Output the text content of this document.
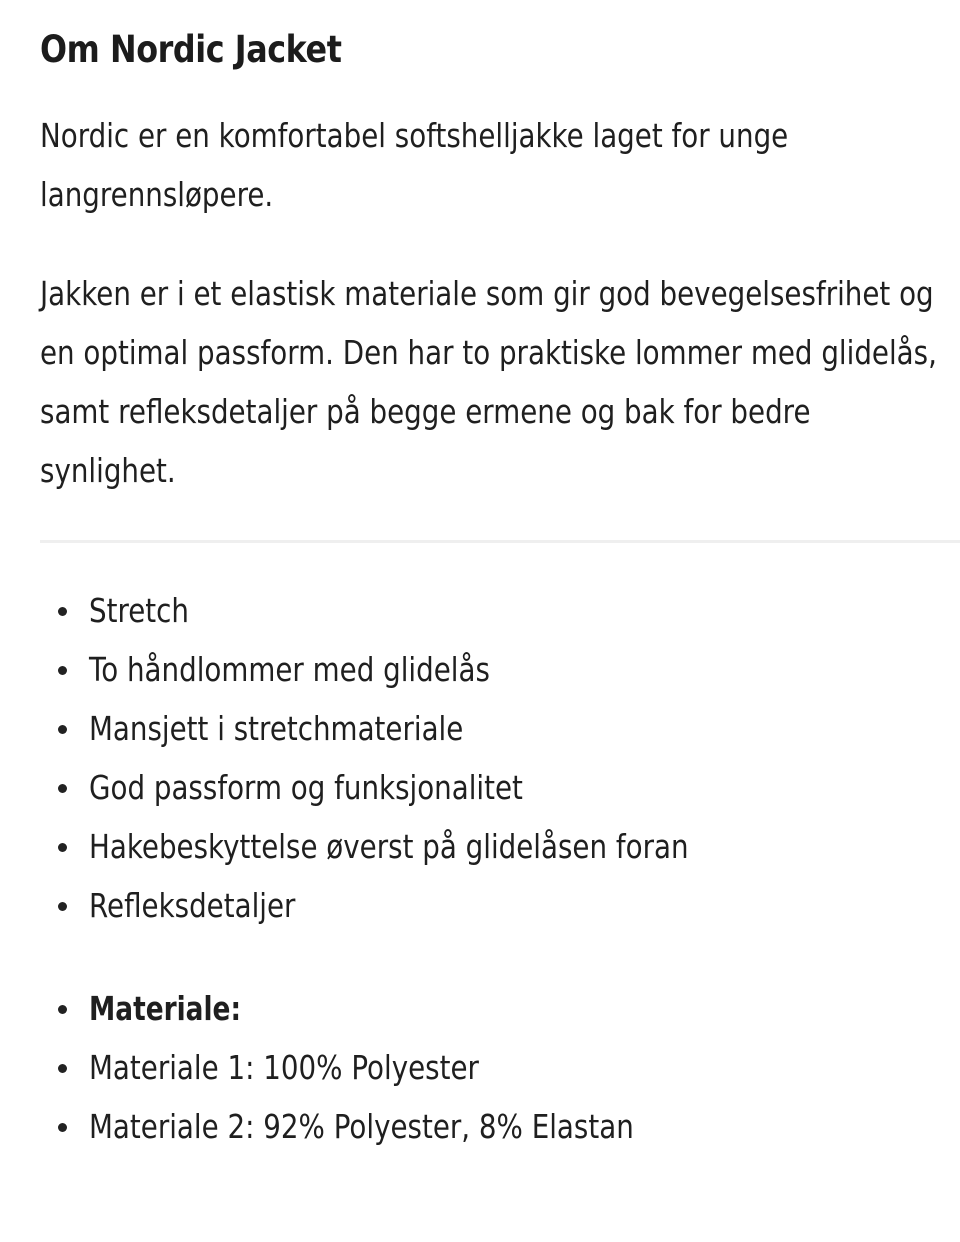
Om Nordic Jacket

Nordic er en komfortabel softshelljakke laget for unge langrennsløpere.

Jakken er i et elastisk materiale som gir god bevegelsesfrihet og en optimal passform. Den har to praktiske lommer med glidelås, samt refleksdetaljer på begge ermene og bak for bedre synlighet.

Stretch
To håndlommer med glidelås
Mansjett i stretchmateriale
God passform og funksjonalitet
Hakebeskyttelse øverst på glidelåsen foran
Refleksdetaljer
Materiale:
Materiale 1: 100% Polyester
Materiale 2: 92% Polyester, 8% Elastan
